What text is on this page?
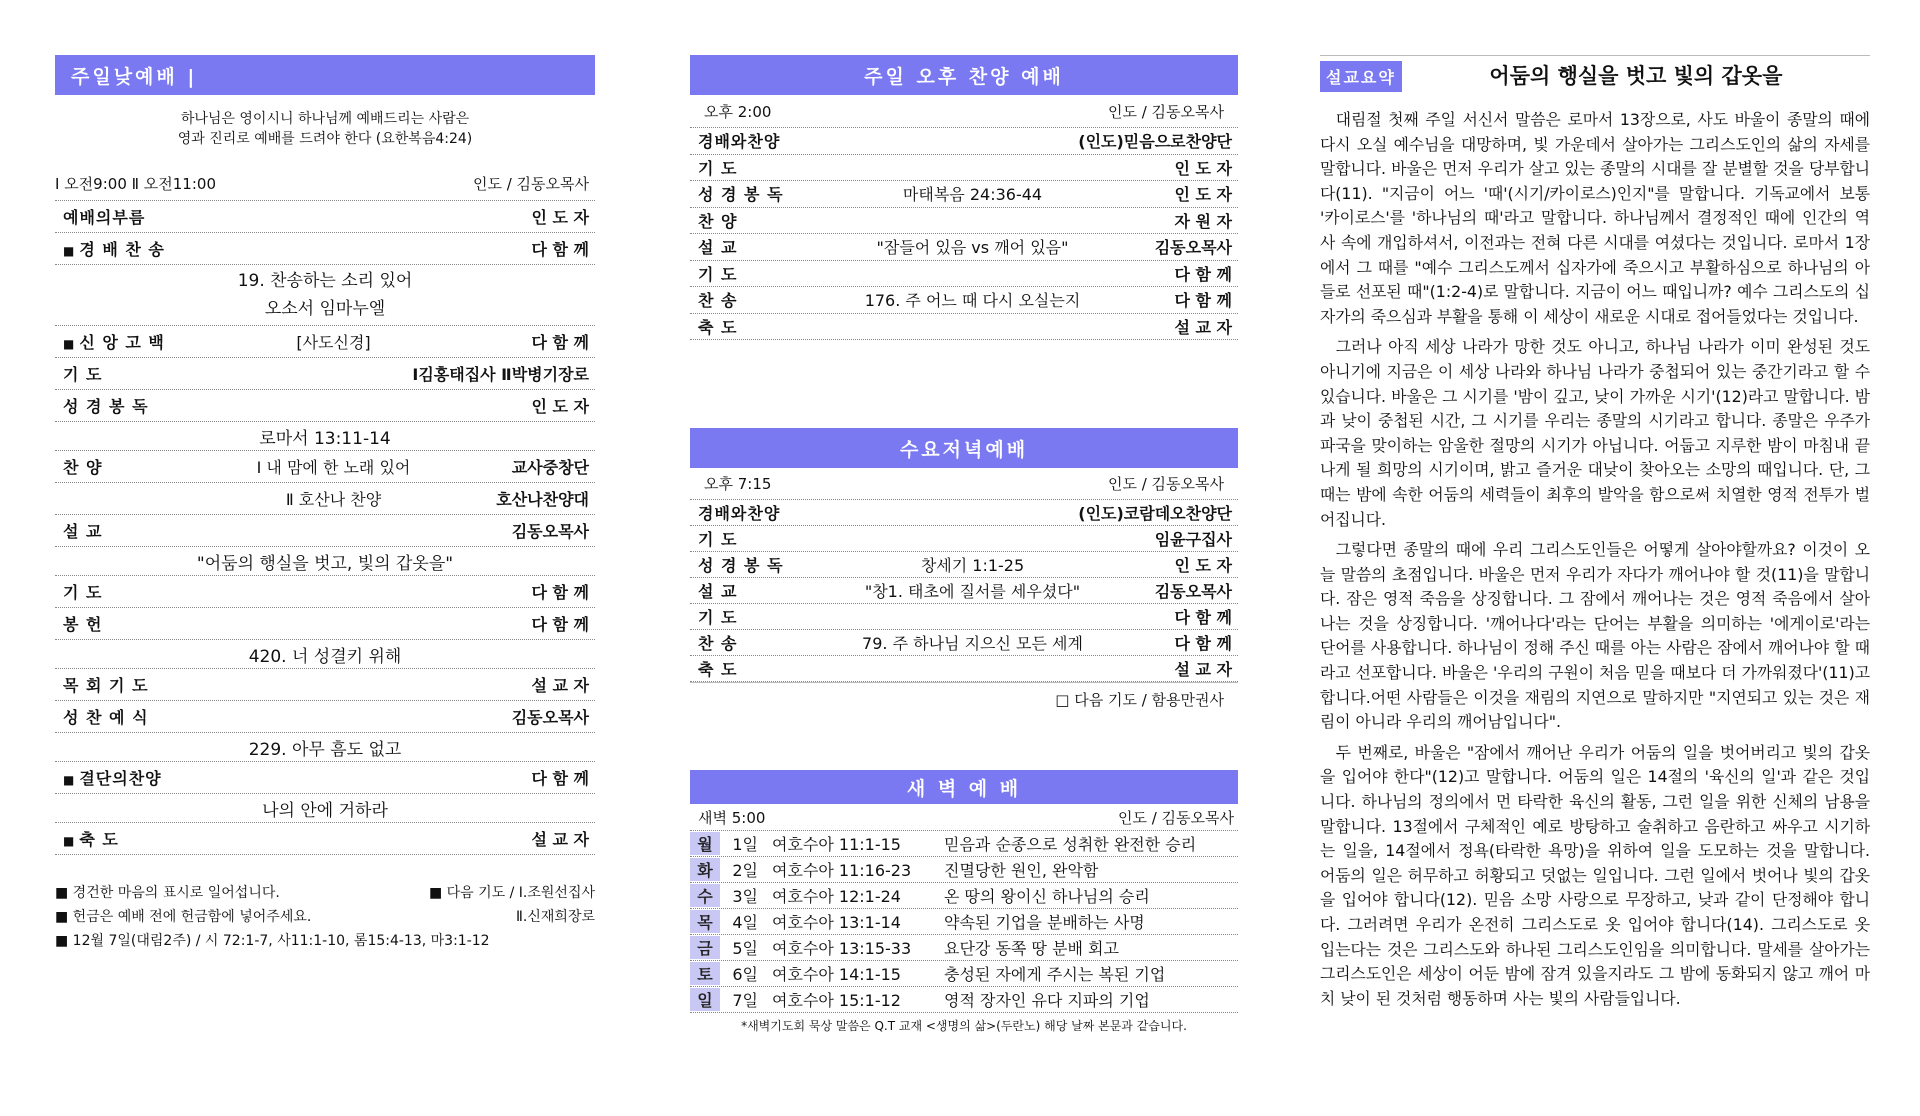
주일낮예배 |
하나님은 영이시니 하나님께 예배드리는 사람은
영과 진리로 예배를 드려야 한다 (요한복음4:24)
Ⅰ 오전9:00 Ⅱ 오전11:00	인도 / 김동오목사
예배의부름	인 도 자
■ 경 배 찬 송	다 함 께
19. 찬송하는 소리 있어
오소서 임마누엘
■ 신 앙 고 백	[사도신경]	다 함 께
기 도	Ⅰ김홍태집사 Ⅱ박병기장로
성 경 봉 독	인 도 자
로마서 13:11-14
찬 양	Ⅰ 내 맘에 한 노래 있어	교사중창단
Ⅱ 호산나 찬양	호산나찬양대
설 교	김동오목사
"어둠의 행실을 벗고, 빛의 갑옷을"
기 도	다 함 께
봉 헌	다 함 께
420. 너 성결키 위해
목 회 기 도	설 교 자
성 찬 예 식	김동오목사
229. 아무 흠도 없고
■ 결단의찬양	다 함 께
나의 안에 거하라
■ 축 도	설 교 자
■ 경건한 마음의 표시로 일어섭니다.	■ 다음 기도 / Ⅰ.조원선집사
■ 헌금은 예배 전에 헌금함에 넣어주세요.	Ⅱ.신재희장로
■ 12월 7일(대림2주) / 시 72:1-7, 사11:1-10, 롬15:4-13, 마3:1-12
주일 오후 찬양 예배
오후 2:00	인도 / 김동오목사
경배와찬양	(인도)믿음으로찬양단
기 도	인 도 자
성 경 봉 독	마태복음 24:36-44	인 도 자
찬 양	자 원 자
설 교	"잠들어 있음 vs 깨어 있음"	김동오목사
기 도	다 함 께
찬 송	176. 주 어느 때 다시 오실는지	다 함 께
축 도	설 교 자
수요저녁예배
오후 7:15	인도 / 김동오목사
경배와찬양	(인도)코람데오찬양단
기 도	임윤구집사
성 경 봉 독	창세기 1:1-25	인 도 자
설 교	"창1. 태초에 질서를 세우셨다"	김동오목사
기 도	다 함 께
찬 송	79. 주 하나님 지으신 모든 세계	다 함 께
축 도	설 교 자
□ 다음 기도 / 함용만권사
새 벽 예 배
새벽 5:00	인도 / 김동오목사
월	1일 여호수아 11:1-15	믿음과 순종으로 성취한 완전한 승리
화	2일 여호수아 11:16-23	진멸당한 원인, 완악함
수	3일 여호수아 12:1-24	온 땅의 왕이신 하나님의 승리
목	4일 여호수아 13:1-14	약속된 기업을 분배하는 사명
금	5일 여호수아 13:15-33	요단강 동쪽 땅 분배 회고
토	6일 여호수아 14:1-15	충성된 자에게 주시는 복된 기업
일	7일 여호수아 15:1-12	영적 장자인 유다 지파의 기업
*새벽기도회 묵상 말씀은 Q.T 교재 <생명의 삶>(두란노) 해당 날짜 본문과 같습니다.
설교요약	어둠의 행실을 벗고 빛의 갑옷을

대림절 첫째 주일 서신서 말씀은 로마서 13장으로, 사도 바울이 종말의 때에 다시 오실 예수님을 대망하며, 빛 가운데서 살아가는 그리스도인의 삶의 자세를 말합니다. 바울은 먼저 우리가 살고 있는 종말의 시대를 잘 분별할 것을 당부합니다(11). "지금이 어느 '때'(시기/카이로스)인지"를 말합니다. 기독교에서 보통 '카이로스'를 '하나님의 때'라고 말합니다. 하나님께서 결정적인 때에 인간의 역사 속에 개입하셔서, 이전과는 전혀 다른 시대를 여셨다는 것입니다. 로마서 1장에서 그 때를 "예수 그리스도께서 십자가에 죽으시고 부활하심으로 하나님의 아들로 선포된 때"(1:2-4)로 말합니다. 지금이 어느 때입니까? 예수 그리스도의 십자가의 죽으심과 부활을 통해 이 세상이 새로운 시대로 접어들었다는 것입니다.

그러나 아직 세상 나라가 망한 것도 아니고, 하나님 나라가 이미 완성된 것도 아니기에 지금은 이 세상 나라와 하나님 나라가 중첩되어 있는 중간기라고 할 수 있습니다. 바울은 그 시기를 '밤이 깊고, 낮이 가까운 시기'(12)라고 말합니다. 밤과 낮이 중첩된 시간, 그 시기를 우리는 종말의 시기라고 합니다. 종말은 우주가 파국을 맞이하는 암울한 절망의 시기가 아닙니다. 어둡고 지루한 밤이 마침내 끝나게 될 희망의 시기이며, 밝고 즐거운 대낮이 찾아오는 소망의 때입니다. 단, 그때는 밤에 속한 어둠의 세력들이 최후의 발악을 함으로써 치열한 영적 전투가 벌어집니다.

그렇다면 종말의 때에 우리 그리스도인들은 어떻게 살아야할까요? 이것이 오늘 말씀의 초점입니다. 바울은 먼저 우리가 자다가 깨어나야 할 것(11)을 말합니다. 잠은 영적 죽음을 상징합니다. 그 잠에서 깨어나는 것은 영적 죽음에서 살아나는 것을 상징합니다. '깨어나다'라는 단어는 부활을 의미하는 '에게이로'라는 단어를 사용합니다. 하나님이 정해 주신 때를 아는 사람은 잠에서 깨어나야 할 때라고 선포합니다. 바울은 '우리의 구원이 처음 믿을 때보다 더 가까워졌다'(11)고 합니다.어떤 사람들은 이것을 재림의 지연으로 말하지만 "지연되고 있는 것은 재림이 아니라 우리의 깨어남입니다".

두 번째로, 바울은 "잠에서 깨어난 우리가 어둠의 일을 벗어버리고 빛의 갑옷을 입어야 한다"(12)고 말합니다. 어둠의 일은 14절의 '육신의 일'과 같은 것입니다. 하나님의 정의에서 먼 타락한 육신의 활동, 그런 일을 위한 신체의 남용을 말합니다. 13절에서 구체적인 예로 방탕하고 술취하고 음란하고 싸우고 시기하는 일을, 14절에서 정욕(타락한 욕망)을 위하여 일을 도모하는 것을 말합니다. 어둠의 일은 허무하고 허황되고 덧없는 일입니다. 그런 일에서 벗어나 빛의 갑옷을 입어야 합니다(12). 믿음 소망 사랑으로 무장하고, 낮과 같이 단정해야 합니다. 그러려면 우리가 온전히 그리스도로 옷 입어야 합니다(14). 그리스도로 옷 입는다는 것은 그리스도와 하나된 그리스도인임을 의미합니다. 말세를 살아가는 그리스도인은 세상이 어둔 밤에 잠겨 있을지라도 그 밤에 동화되지 않고 깨어 마치 낮이 된 것처럼 행동하며 사는 빛의 사람들입니다.
